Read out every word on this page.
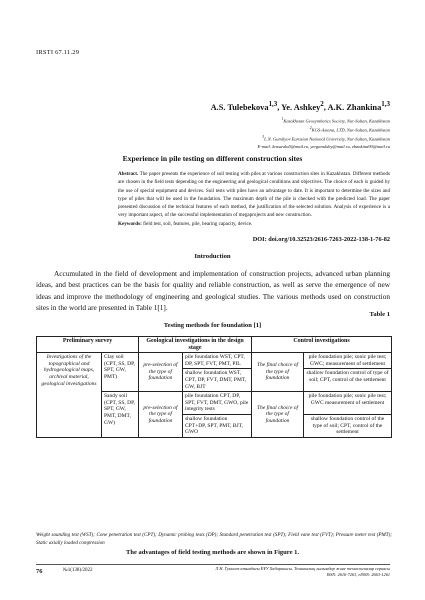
IRSTI 67.11.29
A.S. Tulebekova$^{1,3}$, Ye. Ashkey$^2$, A.K. Zhankina$^{1,3}$
$^1$Kazakhstan Geosynthetics Society, Nur-Sultan, Kazakhstan
$^2$KGS-Astana, LTD, Nur-Sultan, Kazakhstan
$^3$L.N. Gumilyov Eurasian National University, Nur-Sultan, Kazakhstan
E-mail: krasavka5@mail.ru, yerganuldey@mail.ru, zhankina90@mail.ru
Experience in pile testing on different construction sites
Abstract. The paper presents the experience of soil testing with piles at various construction sites in Kazakhstan. Different methods are chosen in the field tests depending on the engineering and geological conditions and objectives. The choice of each is guided by the use of special equipment and devices. Soil tests with piles have an advantage to date. It is important to determine the sizes and type of piles that will be used in the foundation. The maximum depth of the pile is checked with the predicted load. The paper presented discussion of the technical features of each method, the justification of the selected solution. Analysis of experience is a very important aspect, of the successful implementation of megaprojects and new construction.
Keywords: field test, soil, features, pile, bearing capacity, device.
DOI: doi.org/10.32523/2616-7263-2022-138-1-76-82
Introduction
Accumulated in the field of development and implementation of construction projects, advanced urban planning ideas, and best practices can be the basis for quality and reliable construction, as well as serve the emergence of new ideas and improve the methodology of engineering and geological studies. The various methods used on construction sites in the world are presented in Table 1[1].
Table 1
Testing methods for foundation [1]
Preliminary survey		Geological investigations in the design stage		Control investigations	
Investigations of the topographical and hydrogeological maps, archival material, geological investigations	Clay soil (CPT, SS, DP, SPT, GW, PMT)	pre-selection of the type of foundation	pile foundation WST, CPT, DP, SPT, FVT, PMT, PIL	The final choice of the type of foundation	pile foundation pile; sonic pile test; GWC; measurement of settlement
			shallow foundation WST, CPT, DP, FVT, DMT, PMT, GW, BJT		shallow foundation control of type of soil; CPT, control of the settlement
	Sandy soil (CPT, SS, DP, SPT, GW, PMT, DMT, GW)	pre-selection of the type of foundation	pile foundation CPT, DP, SPT, FVT, DMT, GWO, pile integrity tests	The final choice of the type of foundation	pile foundation pile; sonic pile test; GWC measurement of settlement
			shallow foundation CPT+DP, SPT, PMT, BJT, GWO		shallow foundation control of the type of soil; CPT, control of the settlement
Weight sounding test (WST); Cone penetration test (CPT); Dynamic probing tests (DP); Standard penetration test (SPT); Field vane test (FVT); Pressure meter test (PMT); Static axially loaded compression
The advantages of field testing methods are shown in Figure 1.
76	№1(138)/2022	Л.Н. Гумилев атындағы ЕҰУ Хабаршысы. Техникалық ғылымдар және технологиялар сериясы
ISSN: 2616-7263, eISSN: 2663-1261
